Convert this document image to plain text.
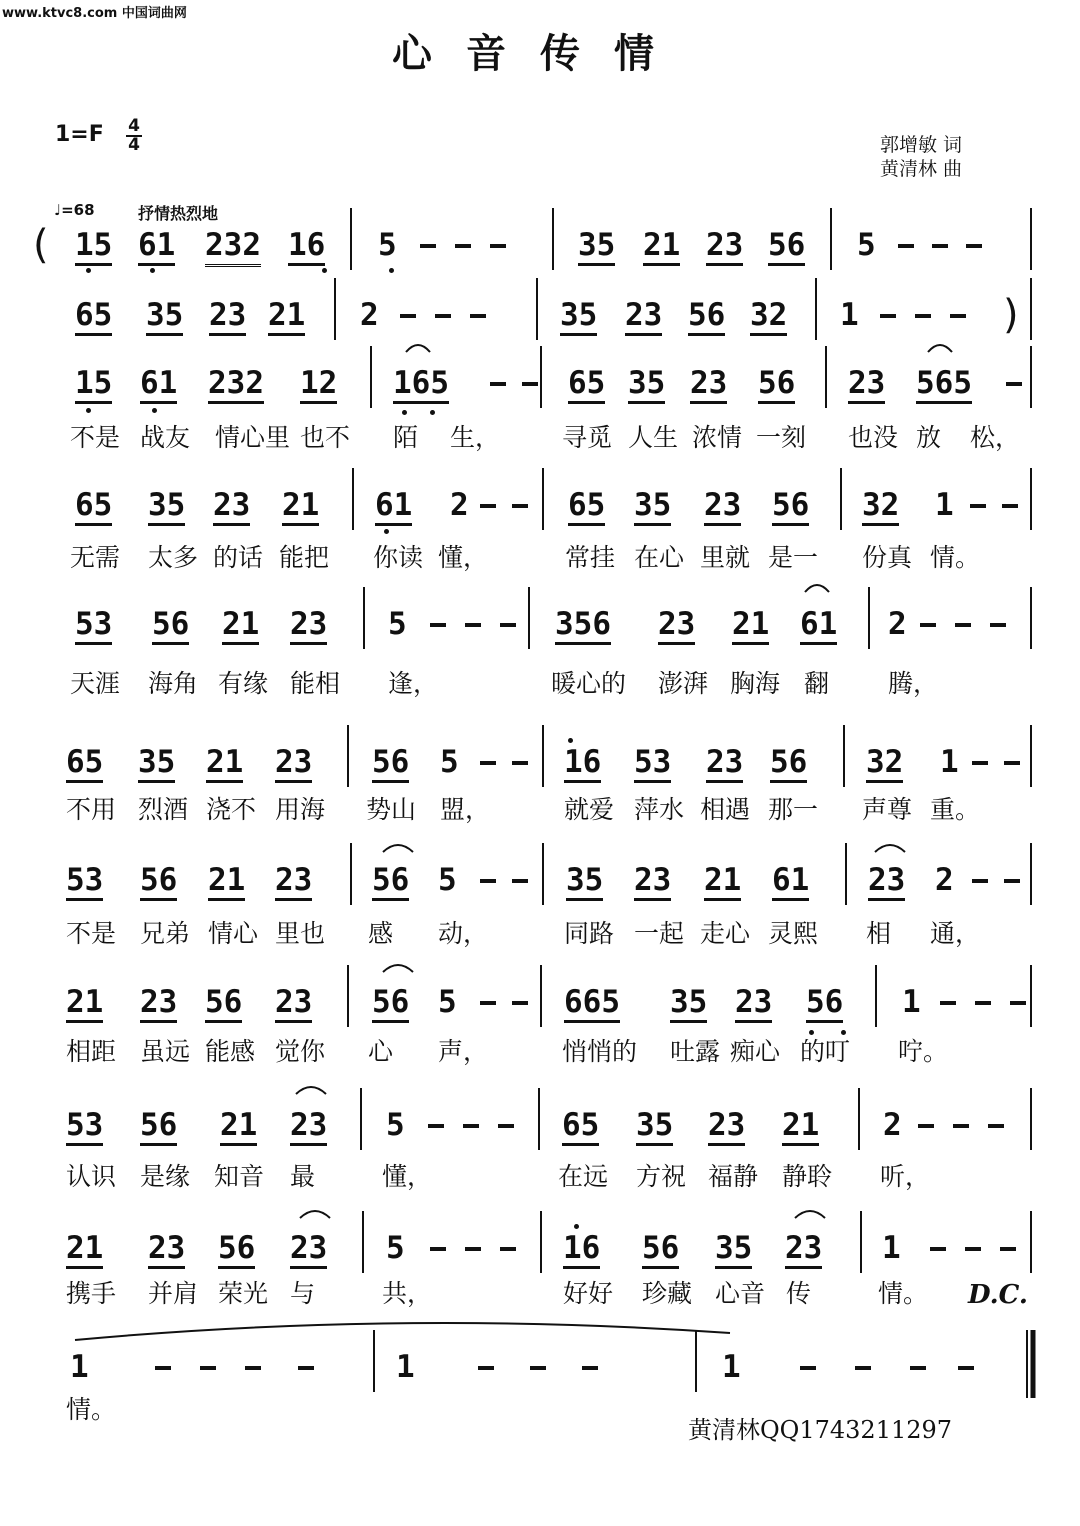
www.ktvc8.com 中国词曲网
心音传情
$1=F \frac{4}{4}$	郭增敏 词
黄清林 曲
♩=68	抒情热烈地
(
)
15 61 232 16 5	35 21 23 56 5
65 35 23 21 2	35 23 56 32 1
15 61 232 12 165	65 35 23 56 23 565
不是 战友 情心里 也不 陌 生， 寻觅 人生 浓情 一刻 也没 放 松，
65 35 23 21 61 2	65 35 23 56 32 1
无需 太多 的话 能把 你读 懂，	常挂 在心 里就 是一 份真 情。
53 56 21 23 5	356 23 21 61 2
天涯 海角 有缘 能相 逢，	暖心的 澎湃 胸海 翻 腾，
65 35 21 23 56 5	16 53 23 56 32 1
不用 烈酒 浇不 用海 势山 盟，	就爱 萍水 相遇 那一 声尊 重。
53 56 21 23 56 5	35 23 21 61 23 2
不是 兄弟 情心 里也 感 动，	同路 一起 走心 灵熙 相 通，
21 23 56 23 56 5	665 35 23 56 1
相距 虽远 能感 觉你 心 声，	悄悄的 吐露 痴心 的叮 咛。
53 56 21 23 5	65 35 23 21 2
认识 是缘 知音 最	懂，	在远 方祝 福静 静聆 听，
21 23 56 23 5	16 56 35 23 1
携手 并肩 荣光 与	共，	好好 珍藏 心音 传	情。
1	1	1
情。
D.C.
黄清林QQ1743211297
